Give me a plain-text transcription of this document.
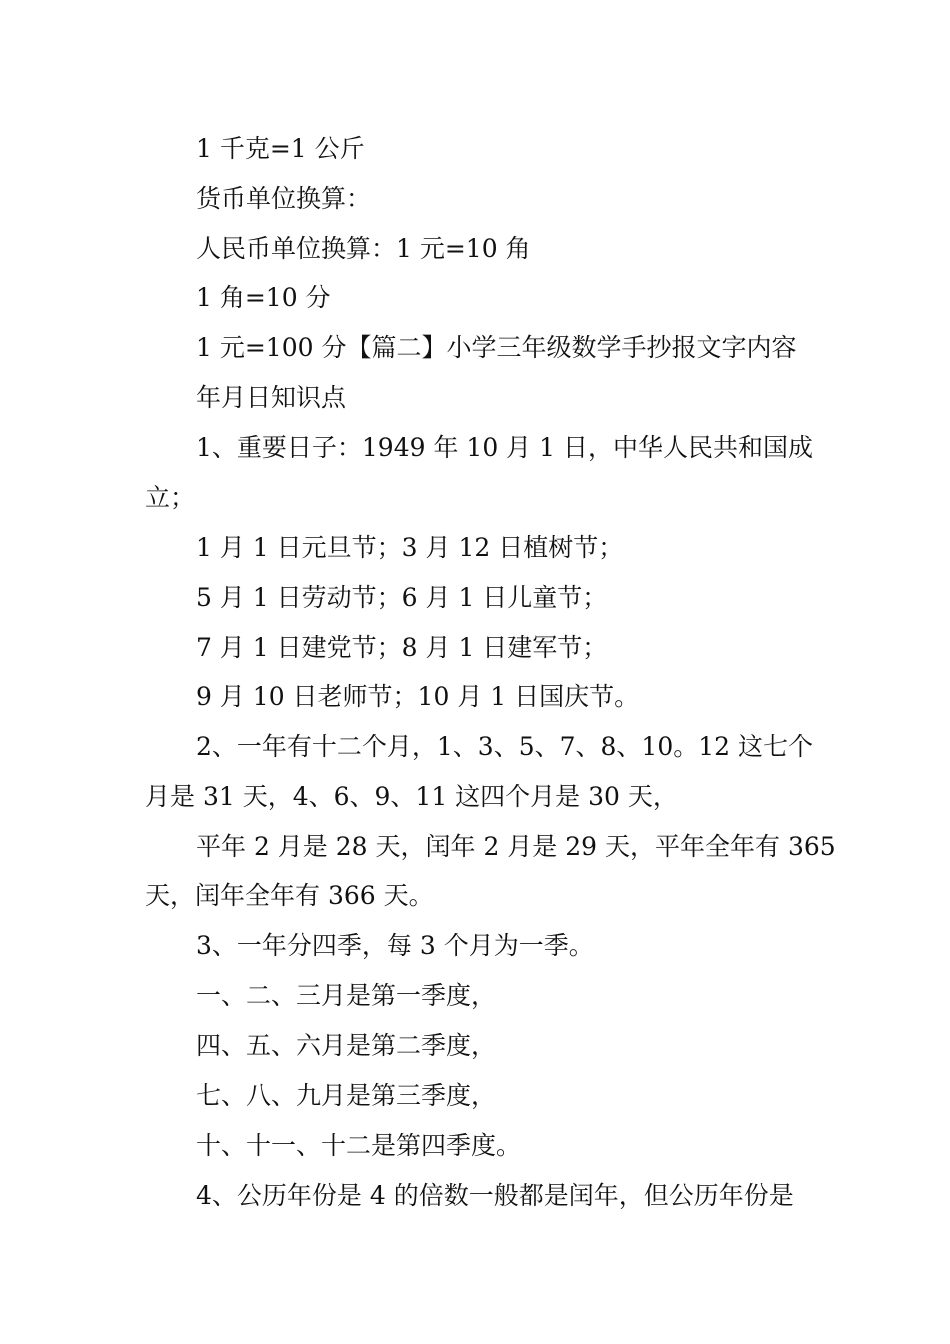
1 千克=1 公斤
货币单位换算：
人民币单位换算：1 元=10 角
1 角=10 分
1 元=100 分【篇二】小学三年级数学手抄报文字内容
年月日知识点
1、重要日子：1949 年 10 月 1 日，中华人民共和国成
立；
1 月 1 日元旦节；3 月 12 日植树节；
5 月 1 日劳动节；6 月 1 日儿童节；
7 月 1 日建党节；8 月 1 日建军节；
9 月 10 日老师节；10 月 1 日国庆节。
2、一年有十二个月，1、3、5、7、8、10。12 这七个
月是 31 天，4、6、9、11 这四个月是 30 天，
平年 2 月是 28 天，闰年 2 月是 29 天，平年全年有 365
天，闰年全年有 366 天。
3、一年分四季，每 3 个月为一季。
一、二、三月是第一季度，
四、五、六月是第二季度，
七、八、九月是第三季度，
十、十一、十二是第四季度。
4、公历年份是 4 的倍数一般都是闰年，但公历年份是
